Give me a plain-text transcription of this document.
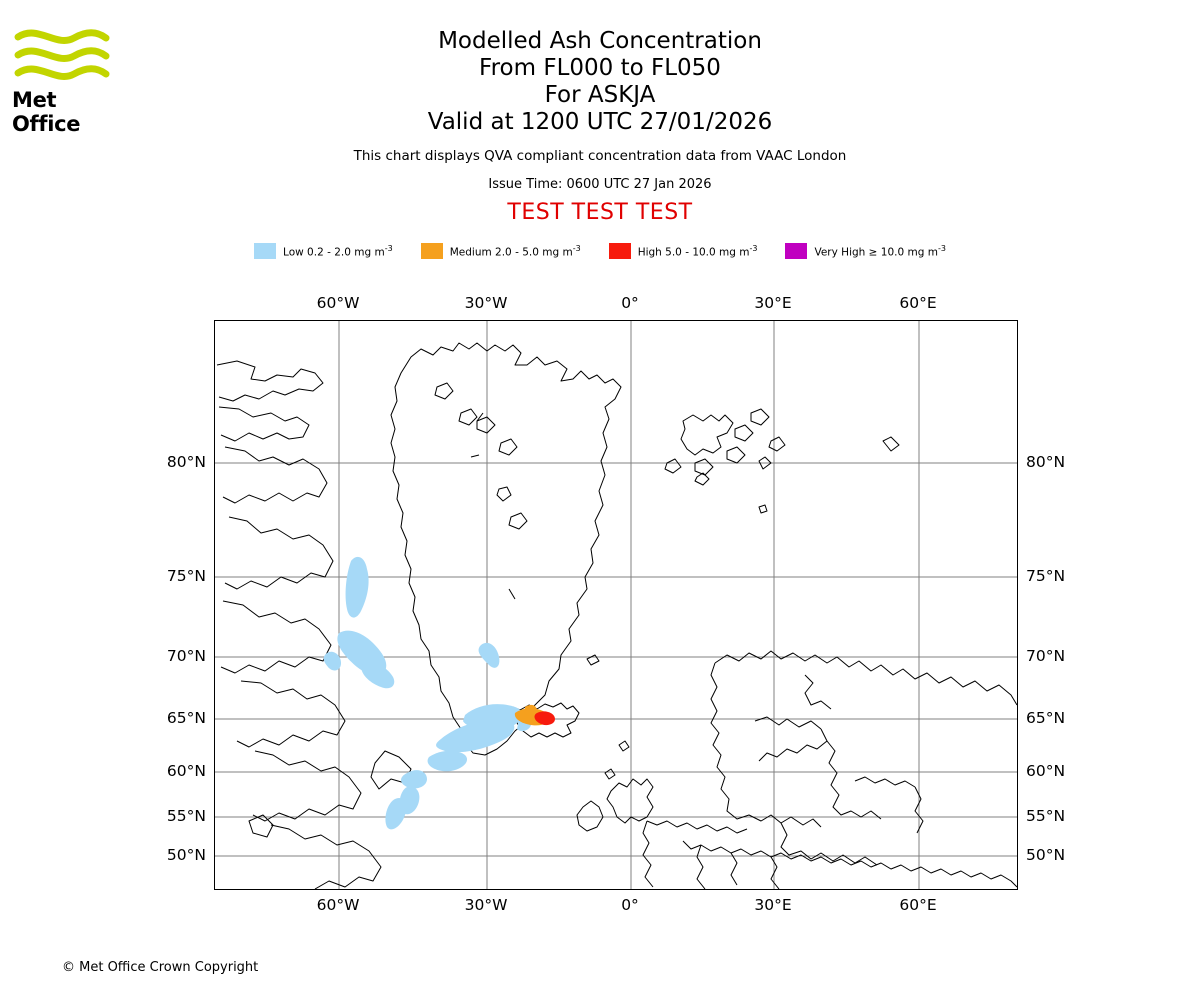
Met Office
Modelled Ash Concentration
From FL000 to FL050
For ASKJA
Valid at 1200 UTC 27/01/2026
This chart displays QVA compliant concentration data from VAAC London
Issue Time: 0600 UTC 27 Jan 2026
TEST TEST TEST
Low 0.2 - 2.0 mg $m^{-3}$	Medium 2.0 - 5.0 mg $m^{-3}$	High 5.0 - 10.0 mg $m^{-3}$	Very High ≥ 10.0 mg $m^{-3}$
60°W	30°W	0°	30°E	60°E
60°W	30°W	0°	30°E	60°E
80°N
75°N
70°N
65°N
60°N
55°N
50°N
80°N
75°N
70°N
65°N
60°N
55°N
50°N
© Met Office Crown Copyright
